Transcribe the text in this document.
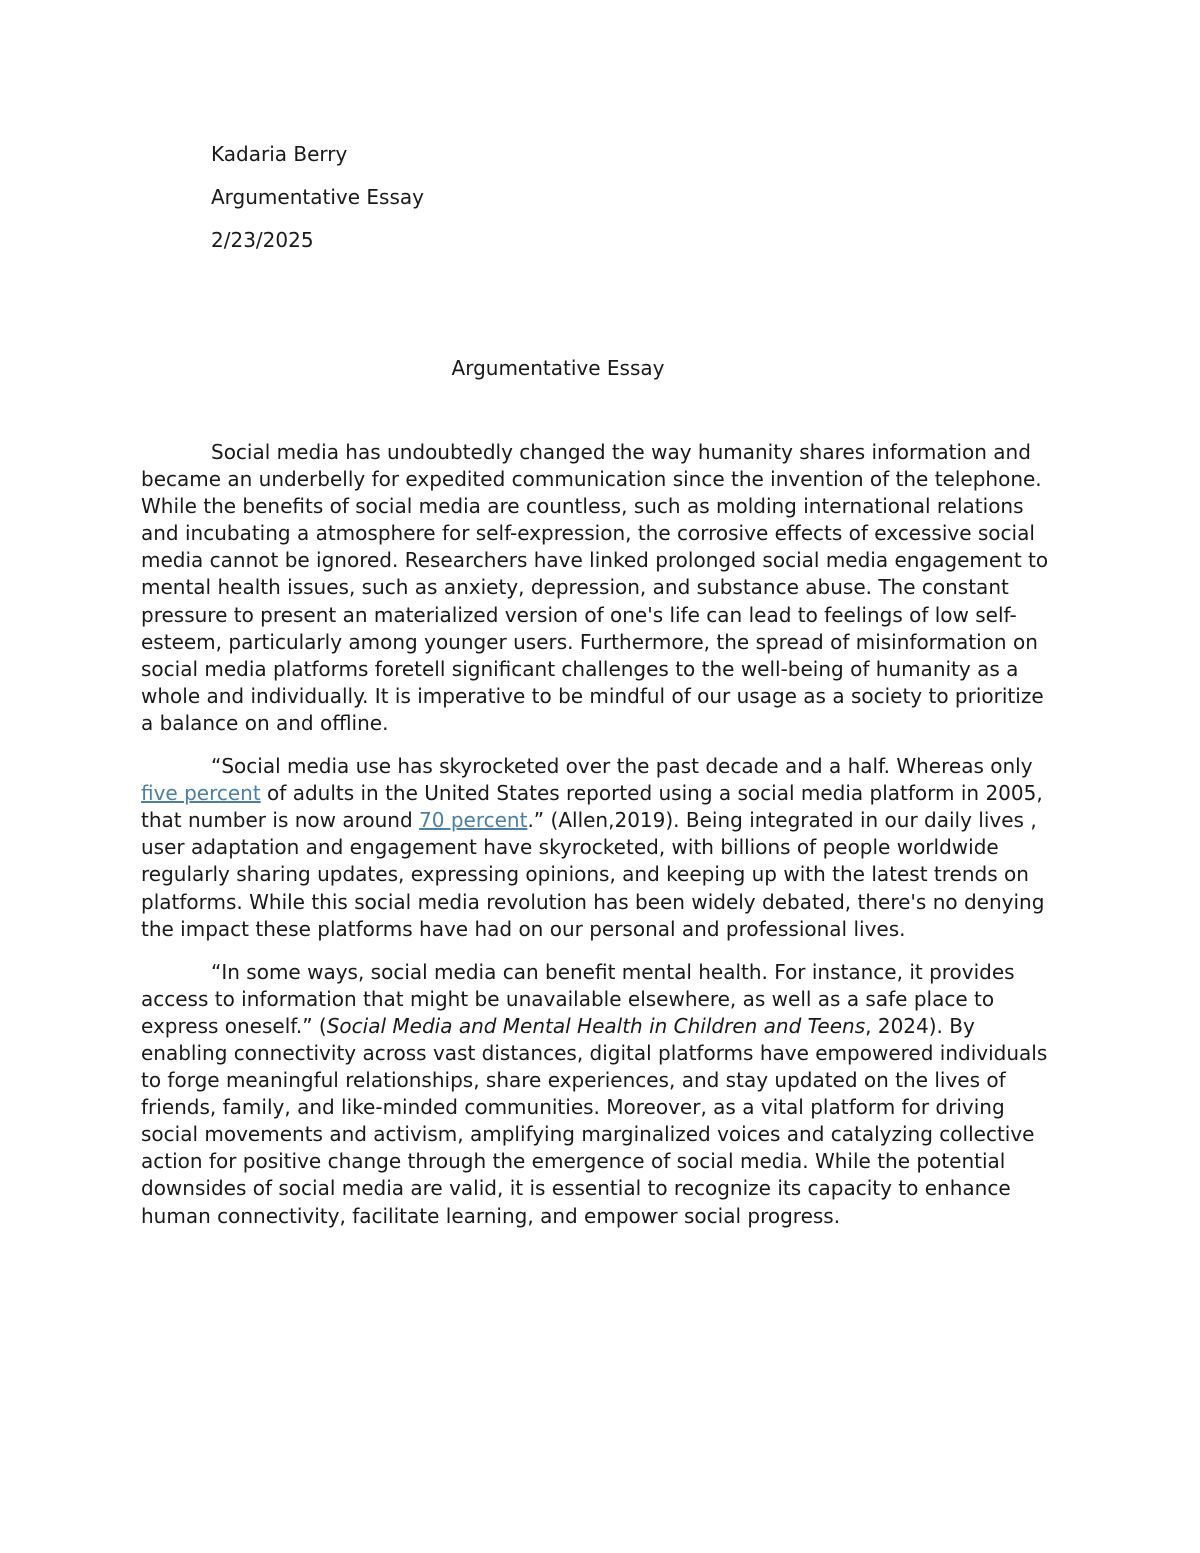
Kadaria Berry
Argumentative Essay
2/23/2025
Argumentative Essay

Social media has undoubtedly changed the way humanity shares information and became an underbelly for expedited communication since the invention of the telephone. While the benefits of social media are countless, such as molding international relations and incubating a atmosphere for self-expression, the corrosive effects of excessive social media cannot be ignored. Researchers have linked prolonged social media engagement to mental health issues, such as anxiety, depression, and substance abuse. The constant pressure to present an materialized version of one's life can lead to feelings of low self-esteem, particularly among younger users. Furthermore, the spread of misinformation on social media platforms foretell significant challenges to the well-being of humanity as a whole and individually. It is imperative to be mindful of our usage as a society to prioritize a balance on and offline.

“Social media use has skyrocketed over the past decade and a half. Whereas only five percent of adults in the United States reported using a social media platform in 2005, that number is now around 70 percent.” (Allen,2019). Being integrated in our daily lives , user adaptation and engagement have skyrocketed, with billions of people worldwide regularly sharing updates, expressing opinions, and keeping up with the latest trends on platforms. While this social media revolution has been widely debated, there's no denying the impact these platforms have had on our personal and professional lives.

“In some ways, social media can benefit mental health. For instance, it provides access to information that might be unavailable elsewhere, as well as a safe place to express oneself.” (Social Media and Mental Health in Children and Teens, 2024). By enabling connectivity across vast distances, digital platforms have empowered individuals to forge meaningful relationships, share experiences, and stay updated on the lives of friends, family, and like-minded communities. Moreover, as a vital platform for driving social movements and activism, amplifying marginalized voices and catalyzing collective action for positive change through the emergence of social media. While the potential downsides of social media are valid, it is essential to recognize its capacity to enhance human connectivity, facilitate learning, and empower social progress.
